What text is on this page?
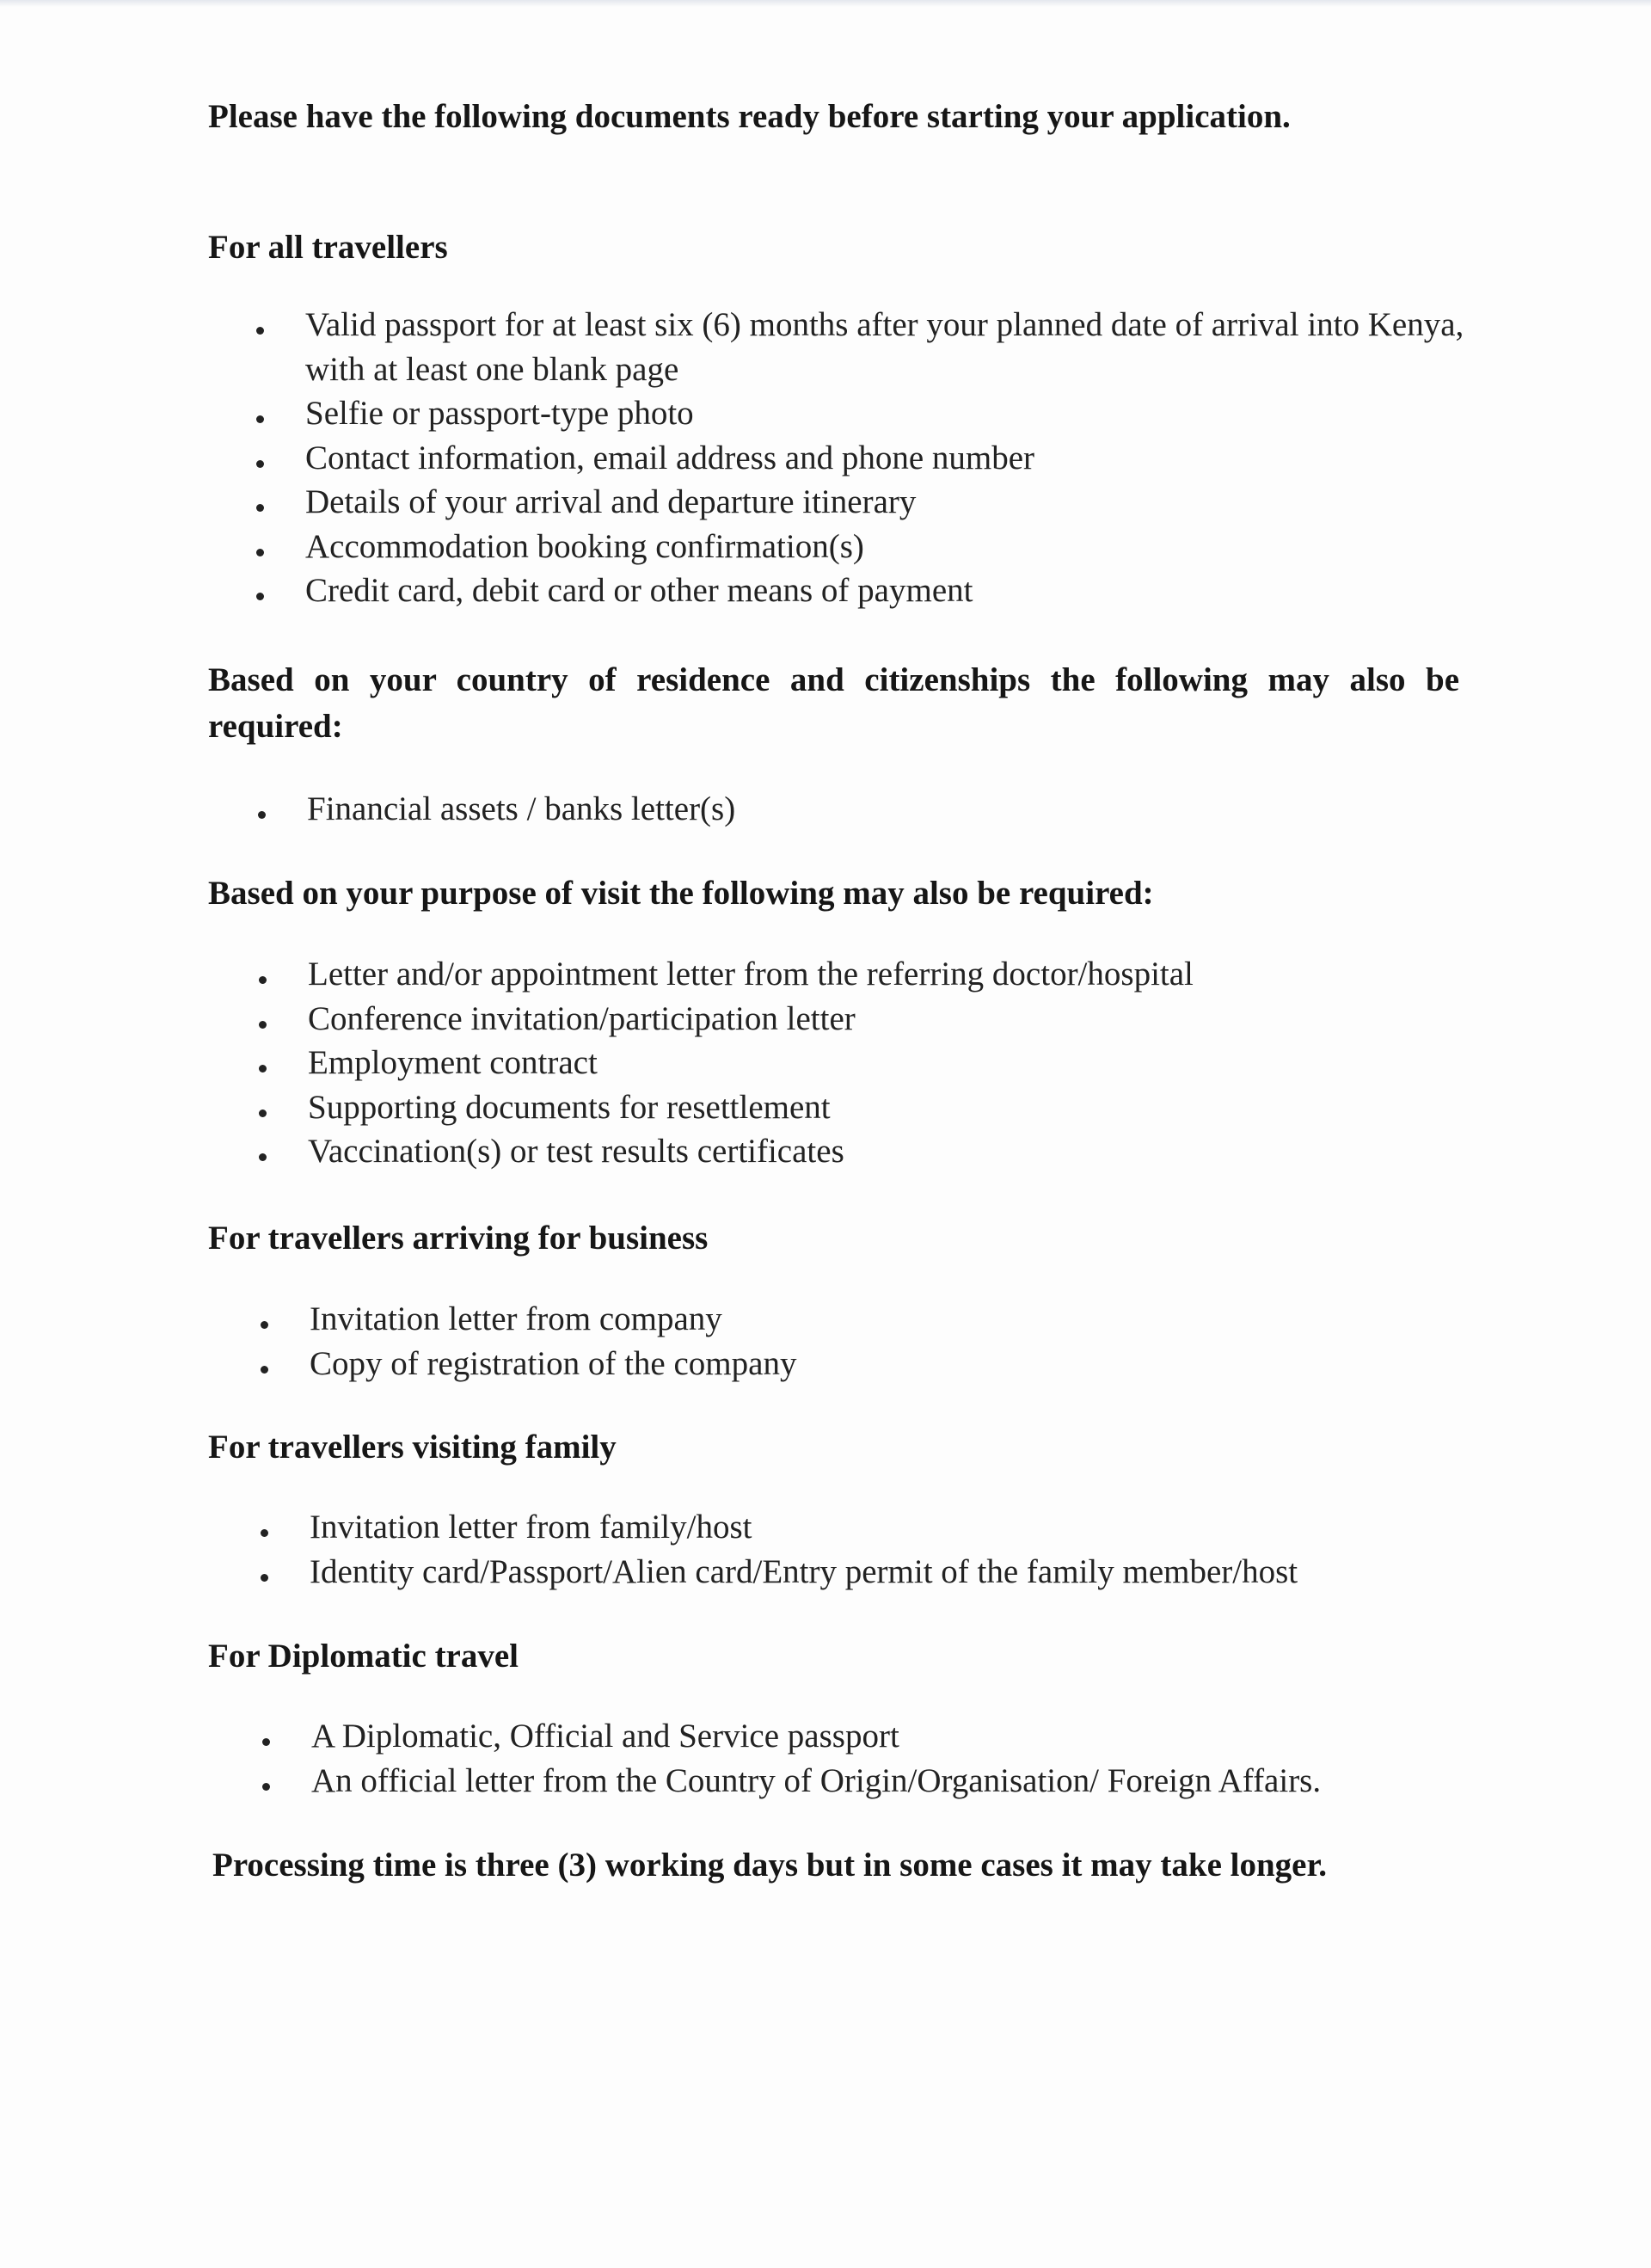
Please have the following documents ready before starting your application.

For all travellers

Valid passport for at least six (6) months after your planned date of arrival into Kenya, with at least one blank page
Selfie or passport-type photo
Contact information, email address and phone number
Details of your arrival and departure itinerary
Accommodation booking confirmation(s)
Credit card, debit card or other means of payment

Based on your country of residence and citizenships the following may also be required:

Financial assets / banks letter(s)

Based on your purpose of visit the following may also be required:

Letter and/or appointment letter from the referring doctor/hospital
Conference invitation/participation letter
Employment contract
Supporting documents for resettlement
Vaccination(s) or test results certificates

For travellers arriving for business

Invitation letter from company
Copy of registration of the company

For travellers visiting family

Invitation letter from family/host
Identity card/Passport/Alien card/Entry permit of the family member/host

For Diplomatic travel

A Diplomatic, Official and Service passport
An official letter from the Country of Origin/Organisation/ Foreign Affairs.

Processing time is three (3) working days but in some cases it may take longer.
